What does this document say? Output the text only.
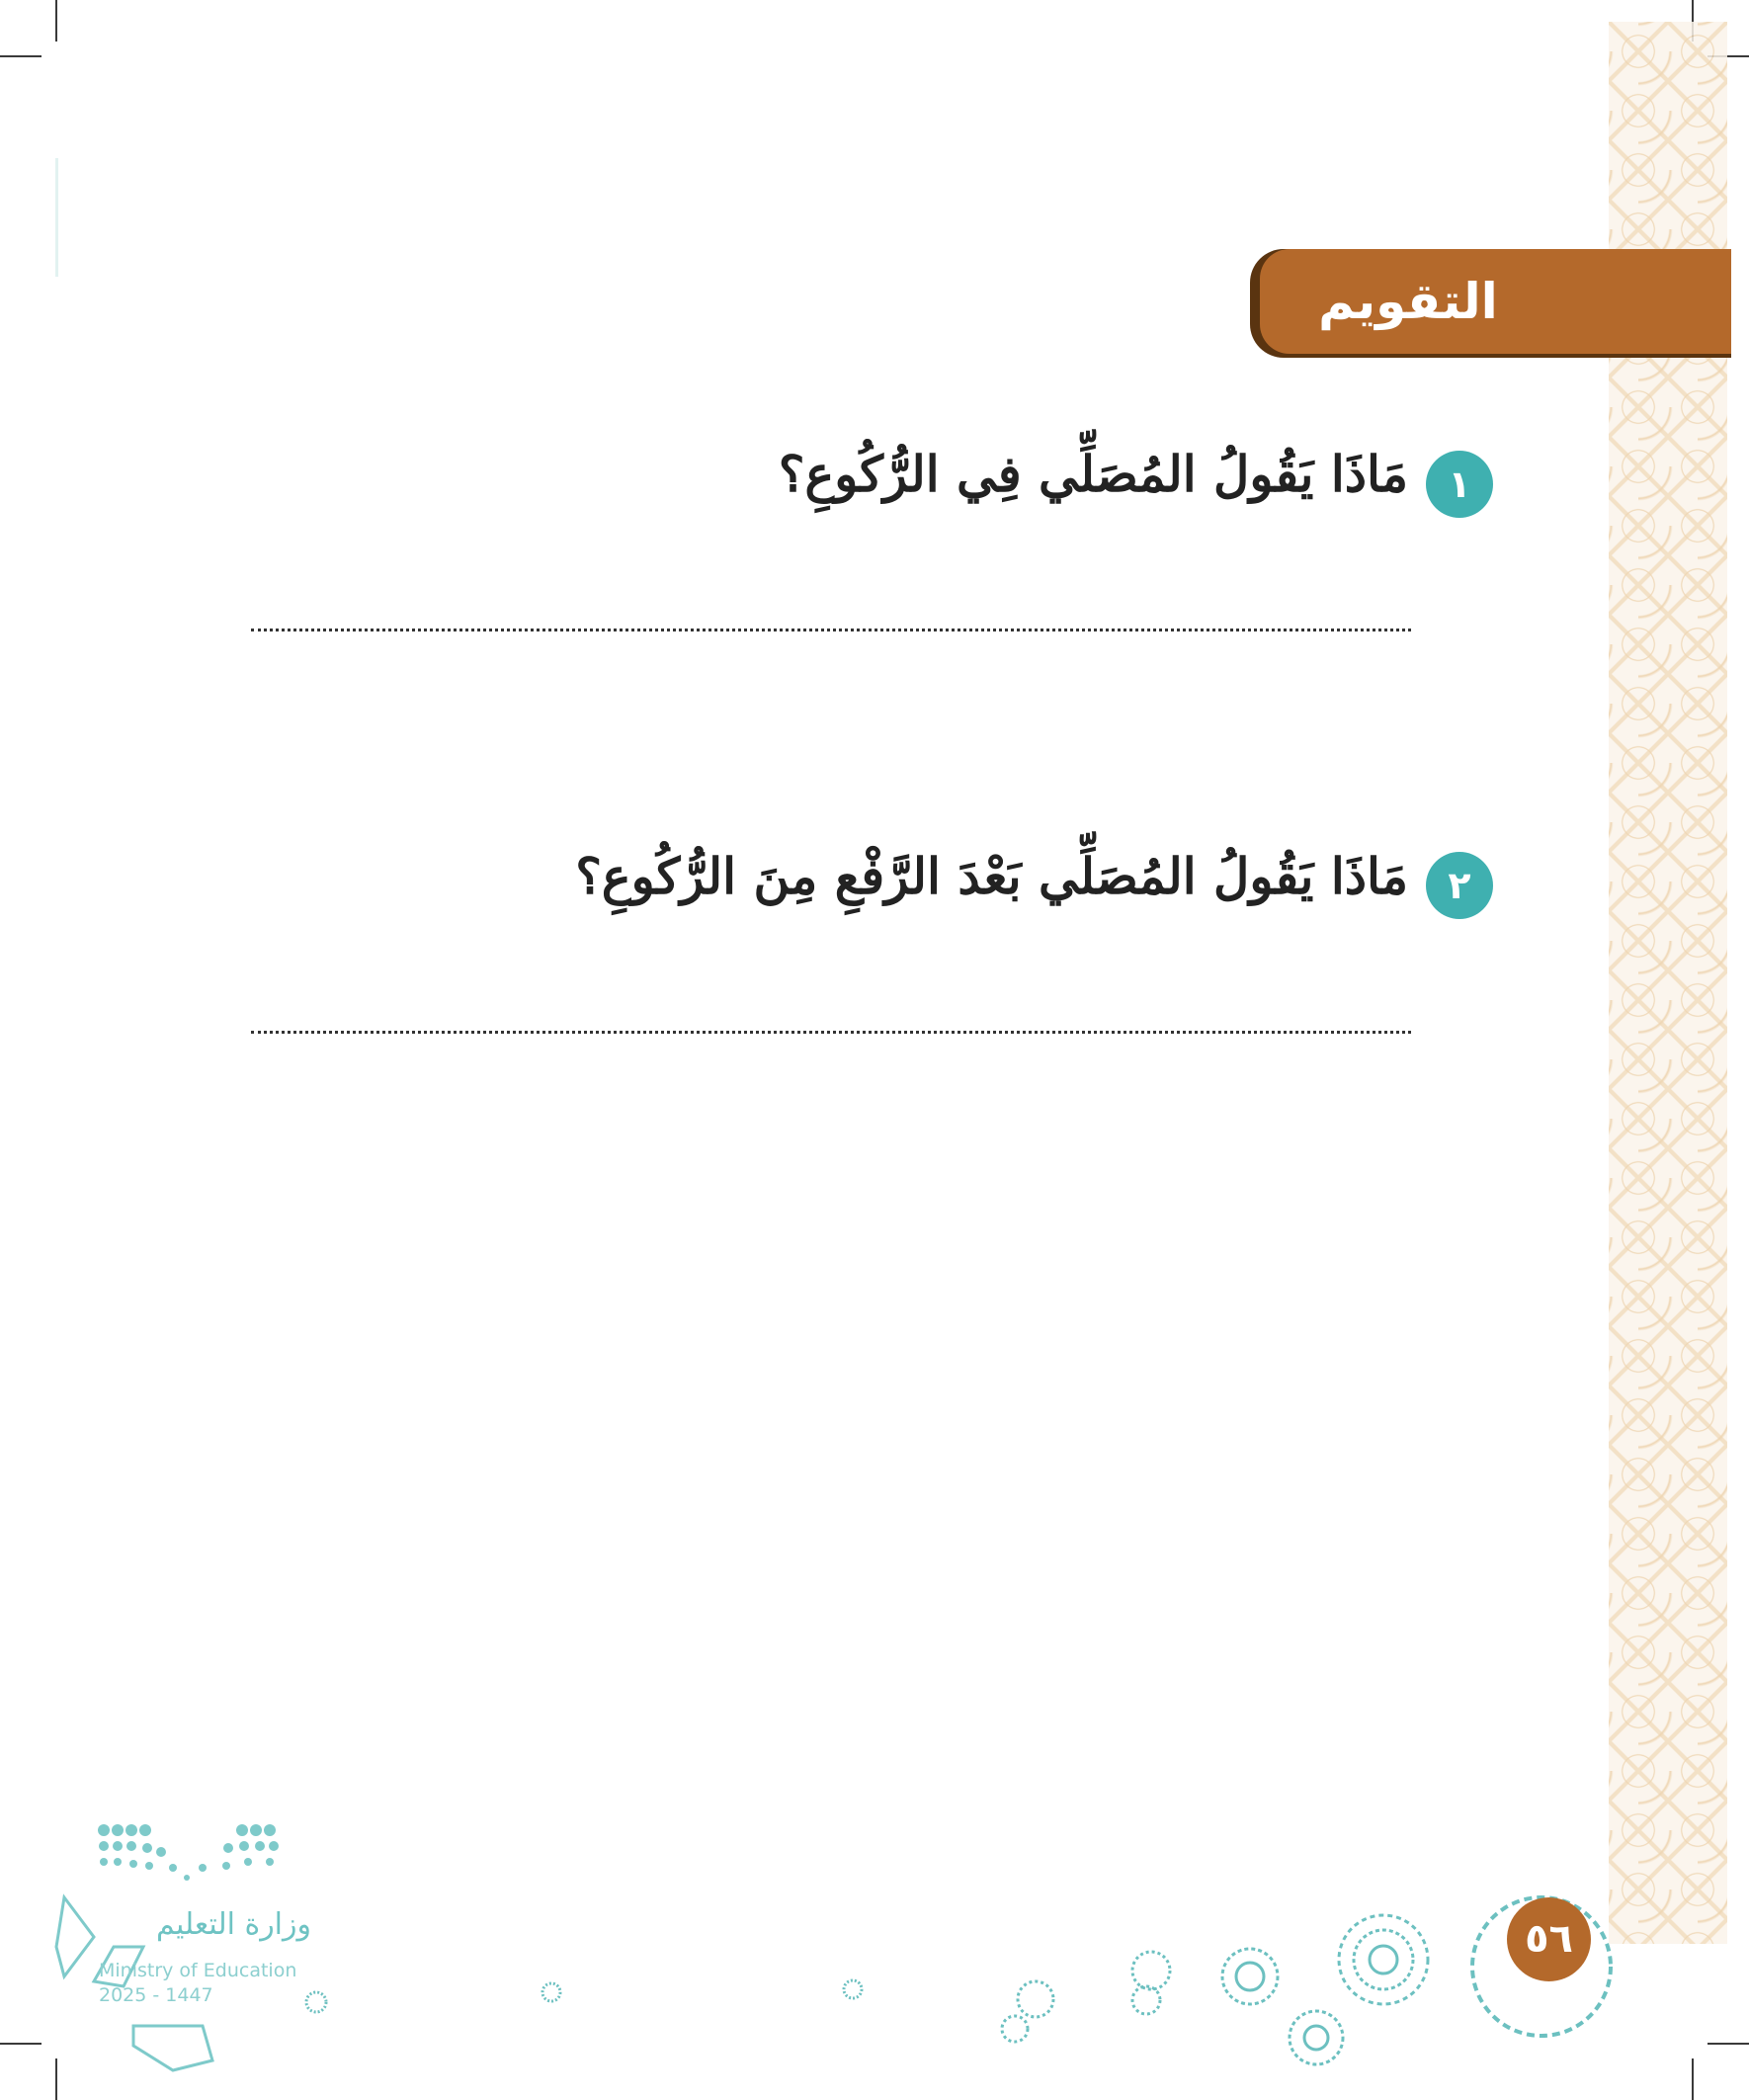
التقويم
١
مَاذَا يَقُولُ المُصَلِّي فِي الرُّكُوعِ؟
٢
مَاذَا يَقُولُ المُصَلِّي بَعْدَ الرَّفْعِ مِنَ الرُّكُوعِ؟
٥٦
وزارة التعليم
Ministry of Education
2025 - 1447
